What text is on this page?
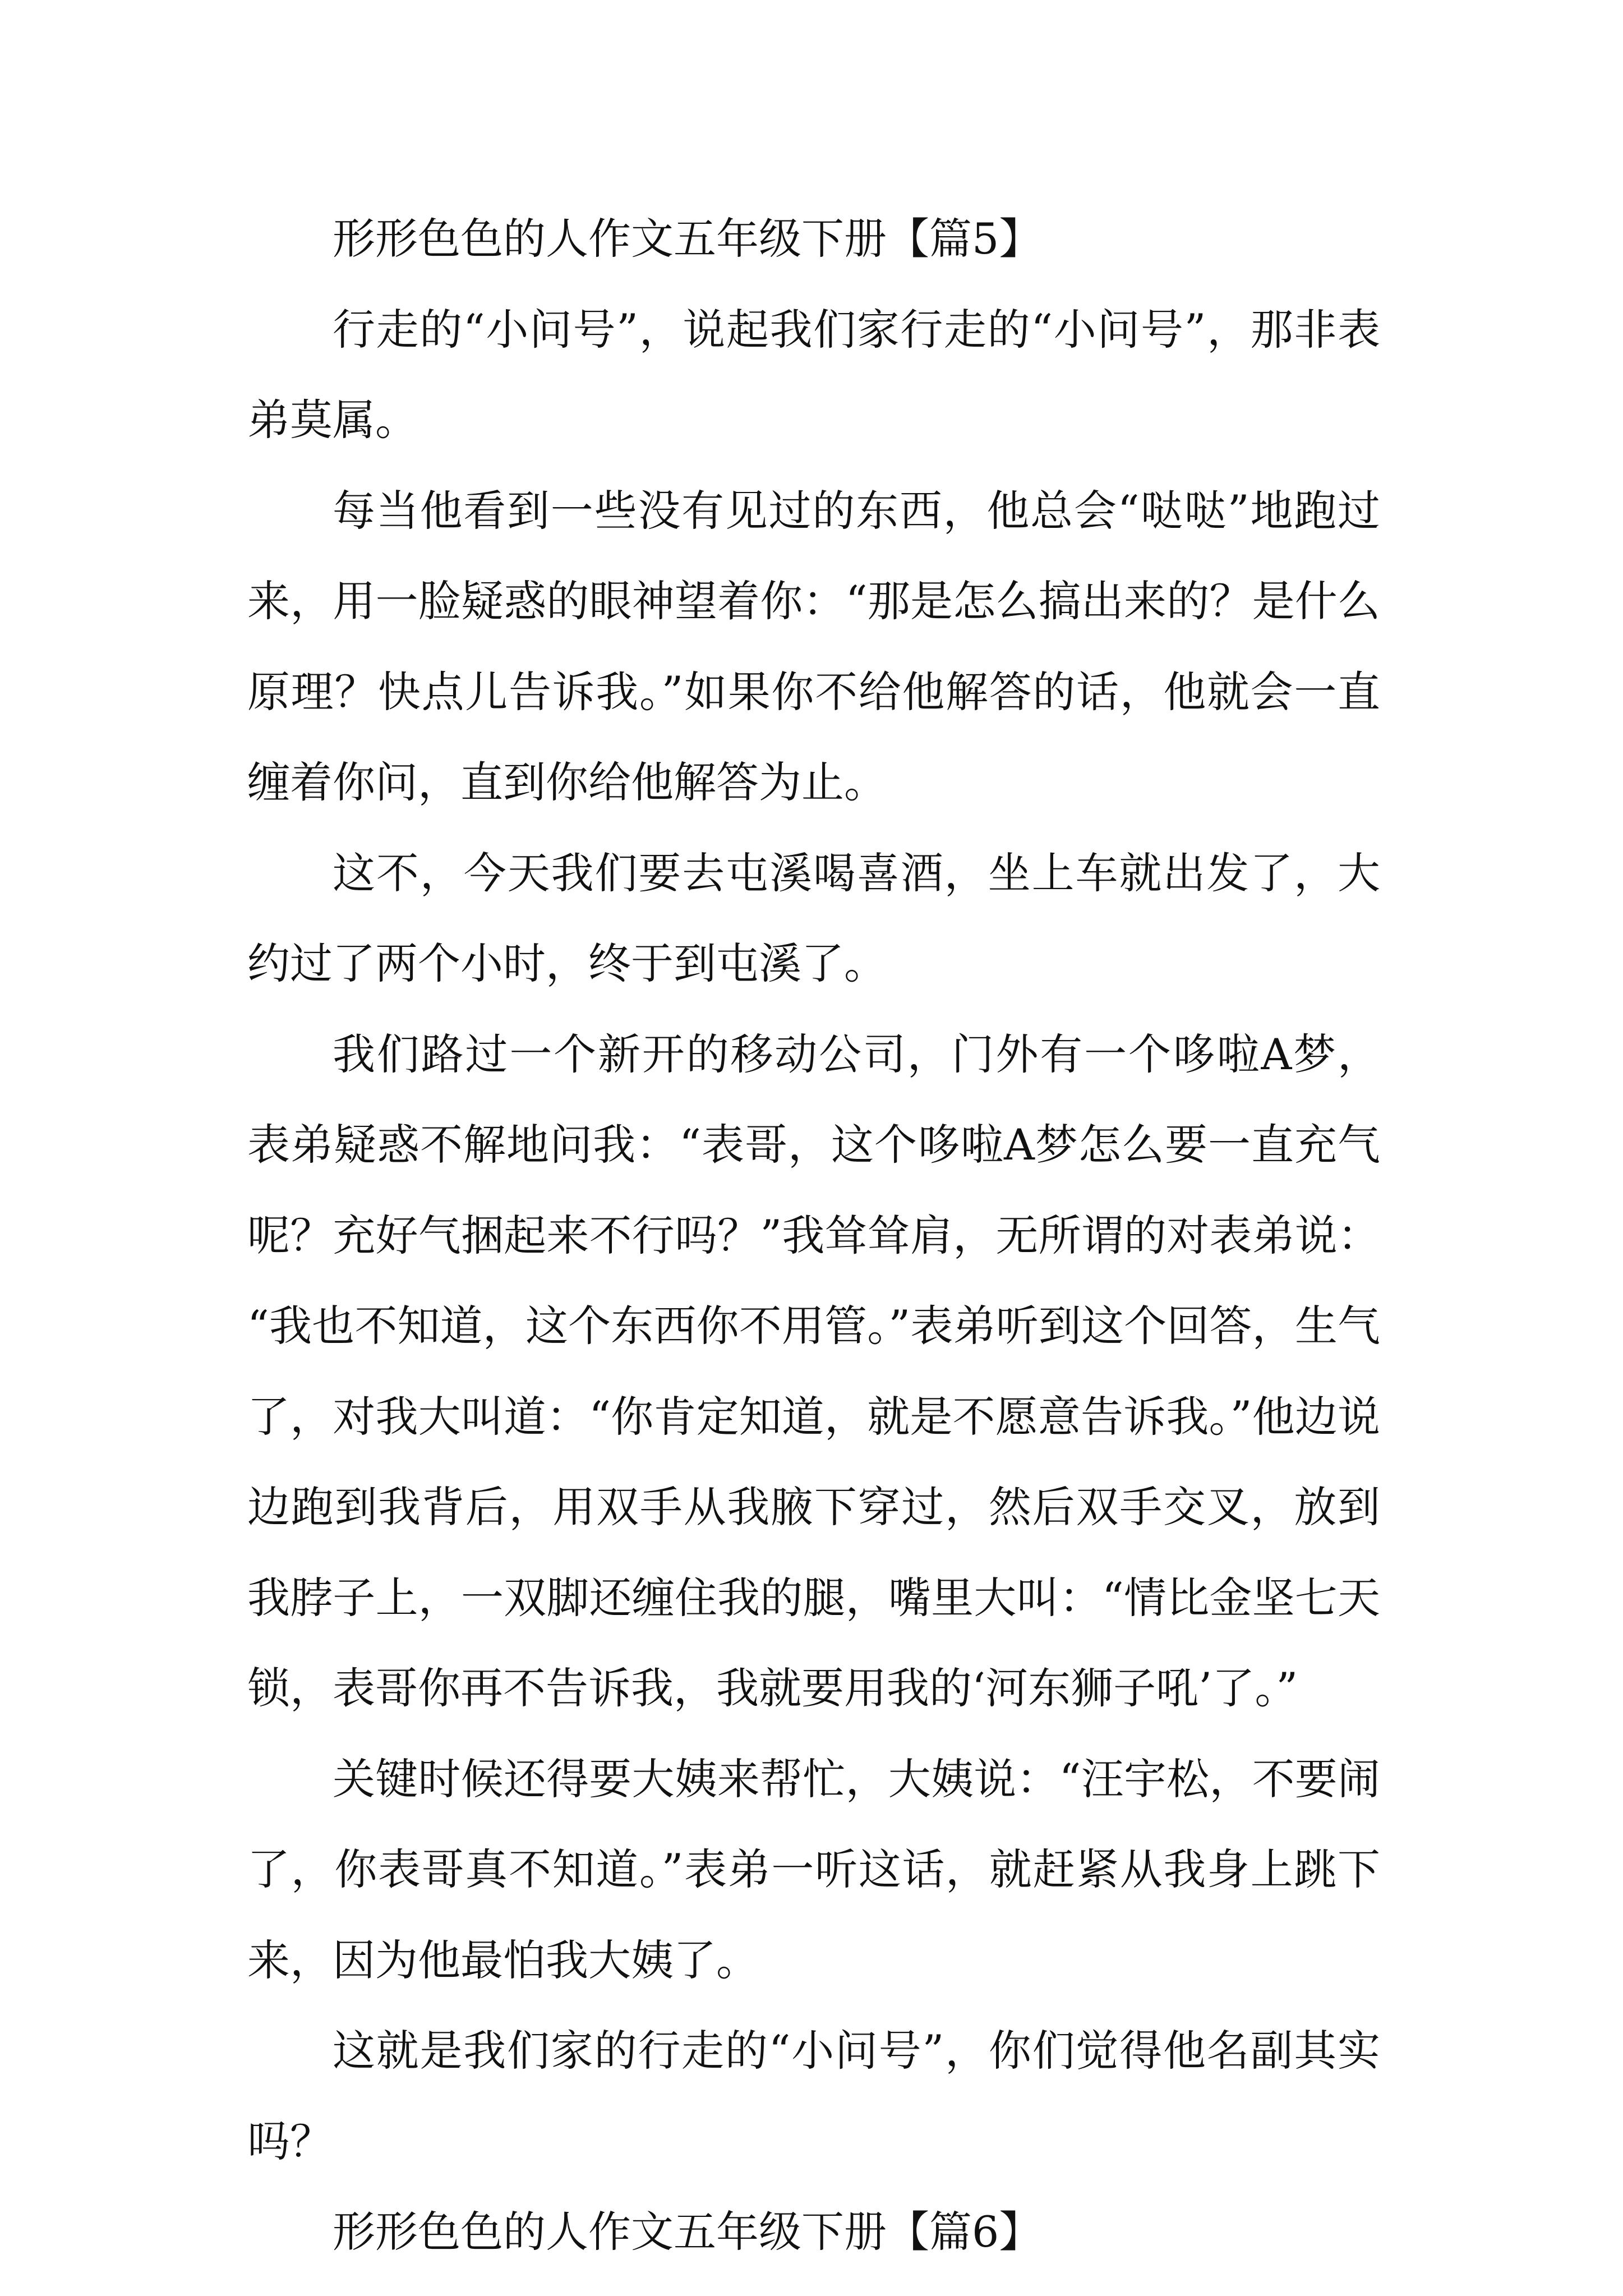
形形色色的人作文五年级下册【篇5】

行走的“小问号”，说起我们家行走的“小问号”，那非表弟莫属。

每当他看到一些没有见过的东西，他总会“哒哒”地跑过来，用一脸疑惑的眼神望着你：“那是怎么搞出来的？是什么原理？快点儿告诉我。”如果你不给他解答的话，他就会一直缠着你问，直到你给他解答为止。

这不，今天我们要去屯溪喝喜酒，坐上车就出发了，大约过了两个小时，终于到屯溪了。

我们路过一个新开的移动公司，门外有一个哆啦A梦，表弟疑惑不解地问我：“表哥，这个哆啦A梦怎么要一直充气呢？充好气捆起来不行吗？”我耸耸肩，无所谓的对表弟说：“我也不知道，这个东西你不用管。”表弟听到这个回答，生气了，对我大叫道：“你肯定知道，就是不愿意告诉我。”他边说边跑到我背后，用双手从我腋下穿过，然后双手交叉，放到我脖子上，一双脚还缠住我的腿，嘴里大叫：“情比金坚七天锁，表哥你再不告诉我，我就要用我的‘河东狮子吼’了。”

关键时候还得要大姨来帮忙，大姨说：“汪宇松，不要闹了，你表哥真不知道。”表弟一听这话，就赶紧从我身上跳下来，因为他最怕我大姨了。

这就是我们家的行走的“小问号”，你们觉得他名副其实吗？

形形色色的人作文五年级下册【篇6】
